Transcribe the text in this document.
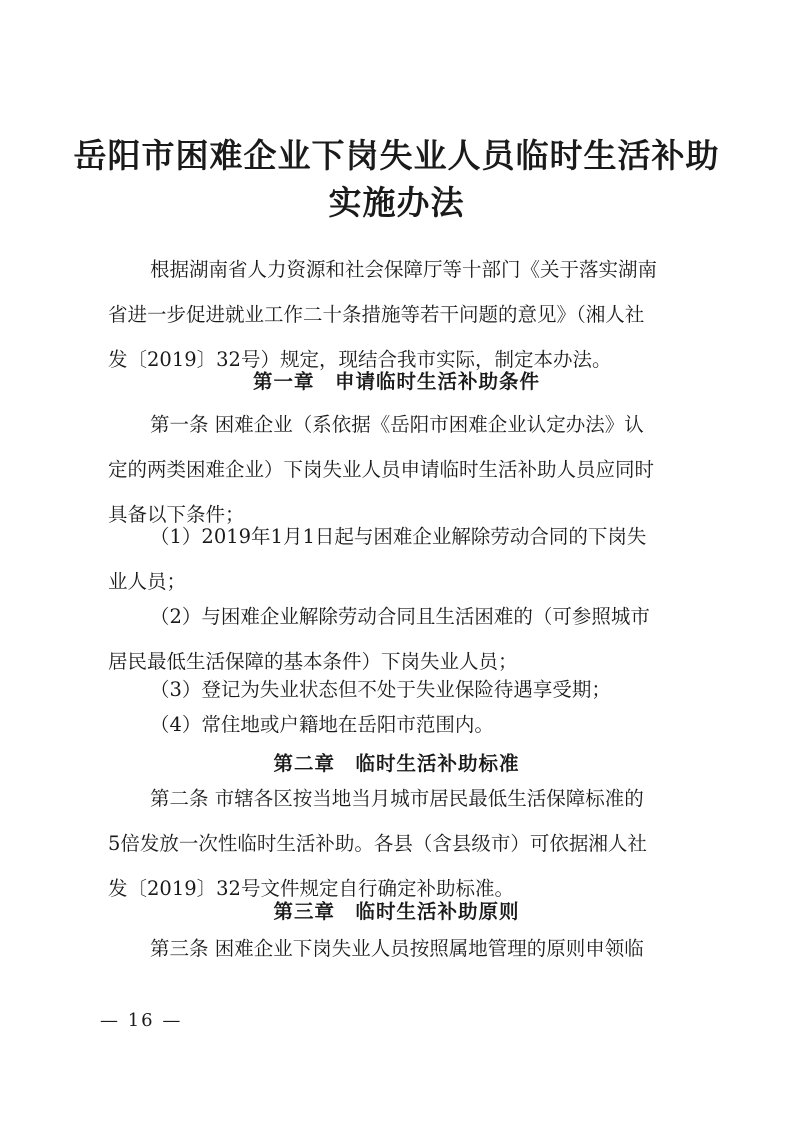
岳阳市困难企业下岗失业人员临时生活补助
实施办法
根据湖南省人力资源和社会保障厅等十部门《关于落实湖南
省进一步促进就业工作二十条措施等若干问题的意见》（湘人社
发〔2019〕32号）规定，现结合我市实际，制定本办法。
第一章　申请临时生活补助条件
第一条 困难企业（系依据《岳阳市困难企业认定办法》认
定的两类困难企业）下岗失业人员申请临时生活补助人员应同时
具备以下条件；
（1）2019年1月1日起与困难企业解除劳动合同的下岗失
业人员；
（2）与困难企业解除劳动合同且生活困难的（可参照城市
居民最低生活保障的基本条件）下岗失业人员；
（3）登记为失业状态但不处于失业保险待遇享受期；
（4）常住地或户籍地在岳阳市范围内。
第二章　临时生活补助标准
第二条 市辖各区按当地当月城市居民最低生活保障标准的
5倍发放一次性临时生活补助。各县（含县级市）可依据湘人社
发〔2019〕32号文件规定自行确定补助标准。
第三章　临时生活补助原则
第三条 困难企业下岗失业人员按照属地管理的原则申领临
— 16 —
